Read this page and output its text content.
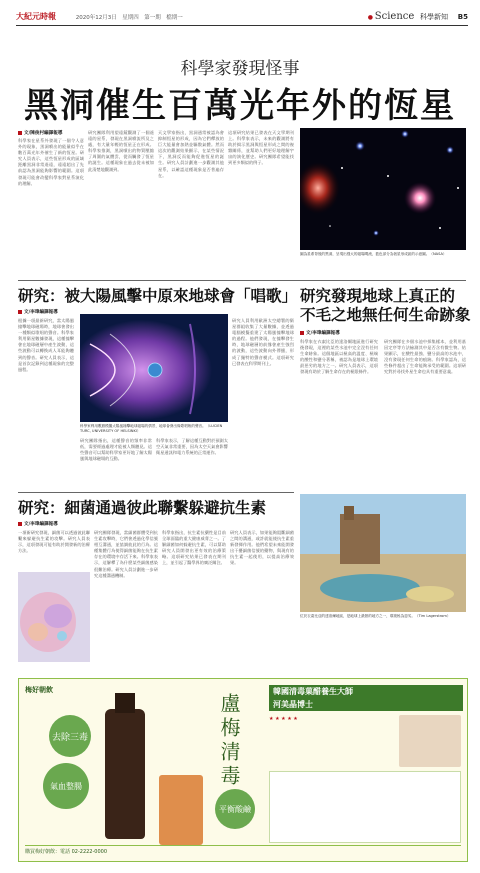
大紀元時報	2020年12月3日　星期四　第一期　檔期一	● Science 科學新知 B5
科學家發現怪事
黑洞催生百萬光年外的恆星
文/陳俊村編譯報導
科學家在星系外發現了一個令人意外的現象，黑洞噴出的能量似乎在數百萬光年外催生了新的恆星。研究人員表示，這些恆星形成的區域距離黑洞非常遙遠，遠遠超出了先前認為黑洞能夠影響的範圍。這項發現可能會改變科學家對星系演化的理解。
研究團隊利用望遠鏡觀測了一個遙遠的星系，發現在黑洞噴流所及之處，有大量年輕的恆星正在形成。科學家推測，黑洞噴出的物質壓縮了周圍的氣體雲，從而觸發了恆星的誕生。這種現象在過去從未被如此清楚地觀測到。
天文學家指出，黑洞通常被認為會抑制恆星的形成，因為它們釋放的巨大能量會加熱並驅散氣體。然而這次的觀測結果顯示，在某些情況下，黑洞反而能夠促進恆星的誕生。研究人員計劃進一步觀測其他星系，以確認這種現象是否普遍存在。
這項研究結果已發表在天文學期刊上。科學家表示，未來的觀測將有助於揭示黑洞與恆星形成之間的複雜關係，並幫助人們更好地理解宇宙的演化歷史。研究團隊希望能找到更多類似的例子。
圖為星系背後的黑洞，呈現出強大的磁場噴流，藍色部分為恆星形成區的示意圖。（NASA）
研究：被大陽風擊中原來地球會「唱歌」
文/李瑋編譯報導
根據一項最新研究，當太陽風撞擊地球磁場時，地球會發出一種類似歌唱的聲音。科學家利用衛星數據發現，這種撞擊會在地球磁層中產生波動，這些波動可以轉換成人耳能夠聽到的聲音。研究人員表示，這是首次記錄到這種現象的完整過程。
科學家利用數據模擬太陽風撞擊地球磁場的情景，地球會發出像歌唱般的聲音。（LUCIEN TURC, UNIVERSITY OF HELSINKI）
研究團隊指出，這種聲音的頻率非常低，需要經過處理才能被人類聽見。這些聲音可以幫助科學家更好地了解太陽風與地球磁場的互動。
科學家表示，了解這種互動對於預測太空天氣非常重要，因為太空天氣會影響衛星通訊和電力系統的正常運作。
研究人員利用歐洲太空總署的衛星群組收集了大量數據，並透過電腦模擬重建了太陽風撞擊地球的過程。他們發現，在撞擊發生時，地球磁層的前緣會產生強烈的波動，這些波動向外傳播，形成了獨特的聲音模式。這項研究已發表在科學期刊上。
研究發現地球上真正的
不毛之地無任何生命跡象
文/李瑋編譯報導
科學家在衣索比亞的達洛爾地區進行研究後發現，這裡的某些水池中完全沒有任何生命跡象。這個地區以極高的溫度、極端的酸性和鹽分著稱，被認為是地球上環境最惡劣的地方之一。研究人員表示，這項發現有助於了解生命存在的極限條件。
研究團隊在多個水池中採集樣本，並利用基因定序等方法檢測其中是否含有微生物。結果顯示，在酸性最強、鹽分最高的水池中，沒有發現任何生命的痕跡。科學家認為，這些條件超出了生命能夠承受的範圍。這項研究對於尋找外星生命也具有重要意義。
研究：細菌通過彼此聯繫躲避抗生素
文/李瑋編譯報導
一項新研究發現，細菌可以透過彼此聯繫來躲避抗生素的攻擊。研究人員表示，這項發現可能有助於開發新的治療方法。
研究團隊發現，當細菌群體受到抗生素攻擊時，它們會透過化學信號相互溝通，並協調彼此的行為。這種集體行為使得細菌能夠在抗生素存在的環境中存活下來。科學家表示，這解釋了為什麼某些細菌感染很難治療。研究人員計劃進一步研究這種溝通機制。
科學家指出，抗生素抗藥性是目前全球面臨的重大健康威脅之一。了解細菌如何躲避抗生素，可以幫助研究人員開發出更有效的治療策略。這項研究結果已發表在期刊上，並引起了醫學界的廣泛關注。
研究人員表示，如果能夠阻斷細菌之間的溝通，或許就能使抗生素重新發揮作用。他們希望未來能開發出干擾細菌信號的藥物，與現有的抗生素一起使用，以提高治療效果。
位於衣索比亞的達洛爾地區，是地球上最熱的地方之一，環境極為惡劣。（Tim Lagerstrom）
梅好朝飲
去除三毒
氣血整腸	盧梅清毒
平衡酸鹼
韓國清毒菓醋養生大師
河美晶博士
★ ★ ★ ★ ★
購買梅好朝飲：電話 02-2222-0000
